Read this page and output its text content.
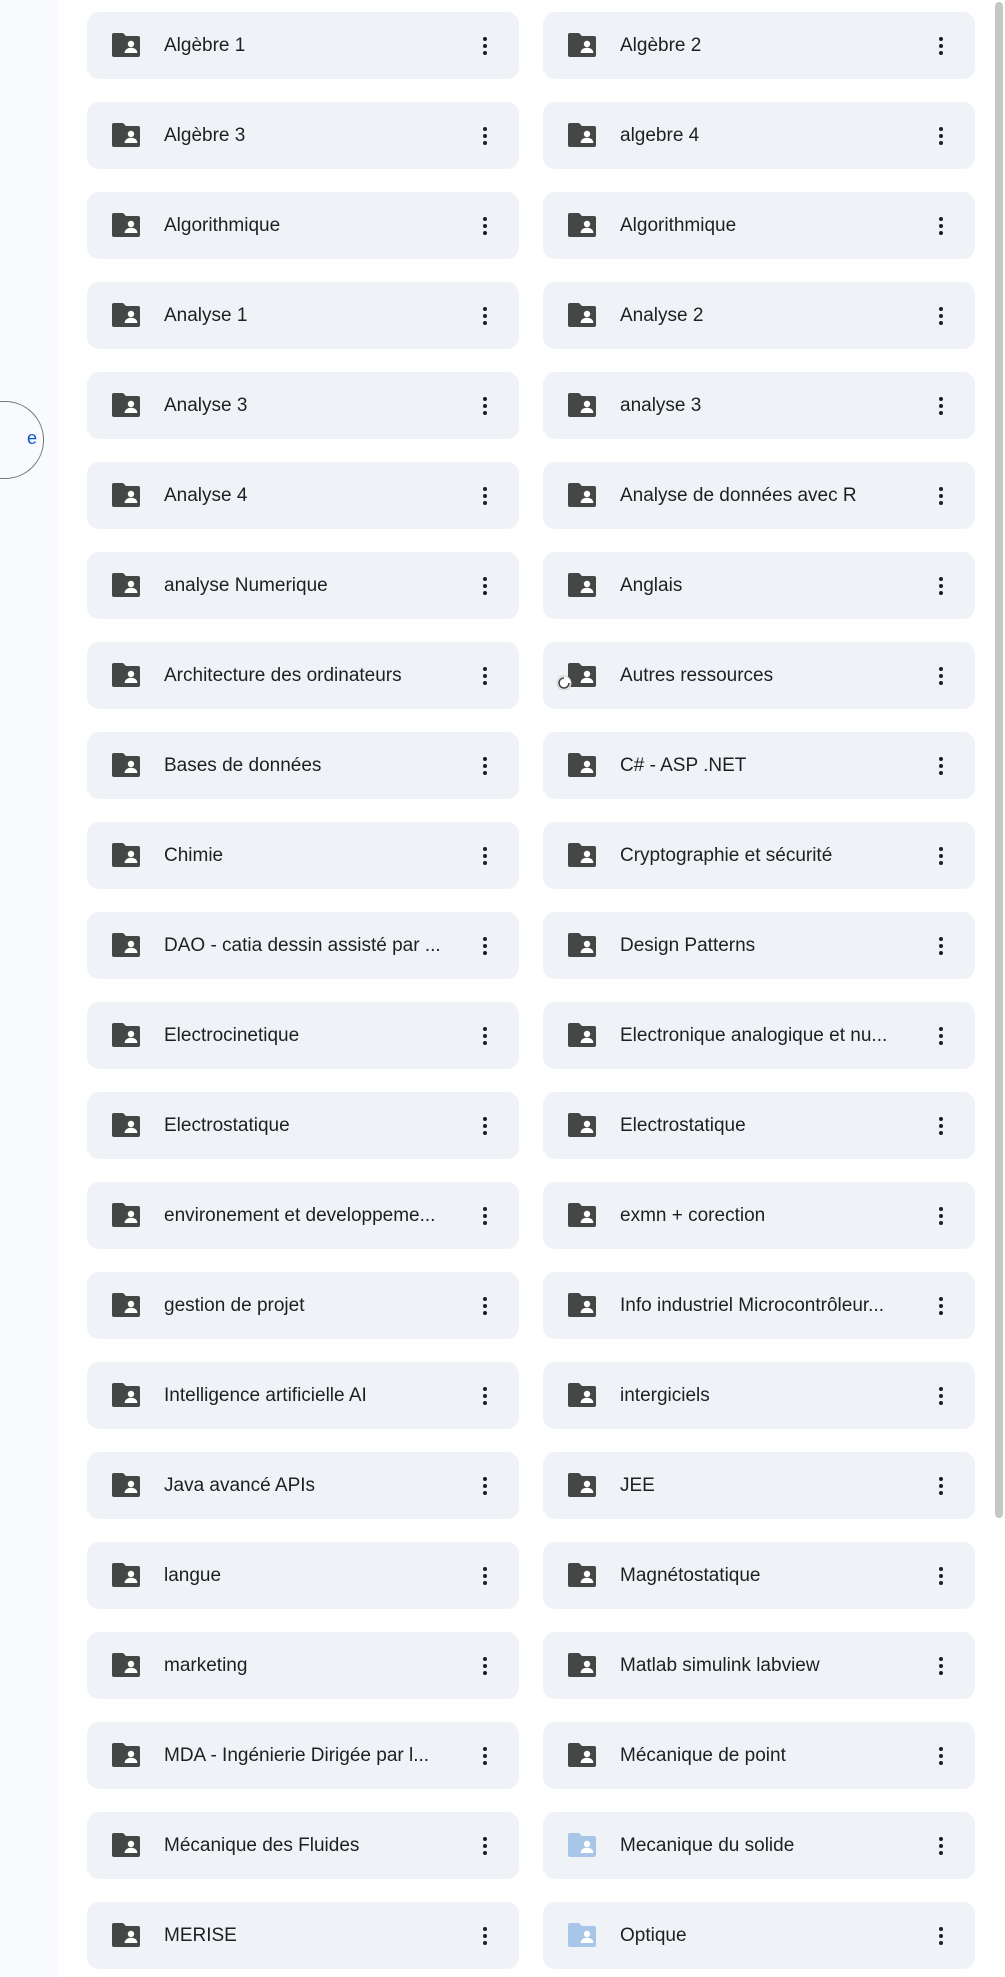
e
Algèbre 1	Algèbre 2
Algèbre 3	algebre 4
Algorithmique	Algorithmique
Analyse 1	Analyse 2
Analyse 3	analyse 3
Analyse 4	Analyse de données avec R
analyse Numerique	Anglais
Architecture des ordinateurs	Autres ressources
Bases de données	C# - ASP .NET
Chimie	Cryptographie et sécurité
DAO - catia dessin assisté par ...	Design Patterns
Electrocinetique	Electronique analogique et nu...
Electrostatique	Electrostatique
environement et developpeme...	exmn + corection
gestion de projet	Info industriel Microcontrôleur...
Intelligence artificielle AI	intergiciels
Java avancé APIs	JEE
langue	Magnétostatique
marketing	Matlab simulink labview
MDA - Ingénierie Dirigée par l...	Mécanique de point
Mécanique des Fluides	Mecanique du solide
MERISE	Optique
